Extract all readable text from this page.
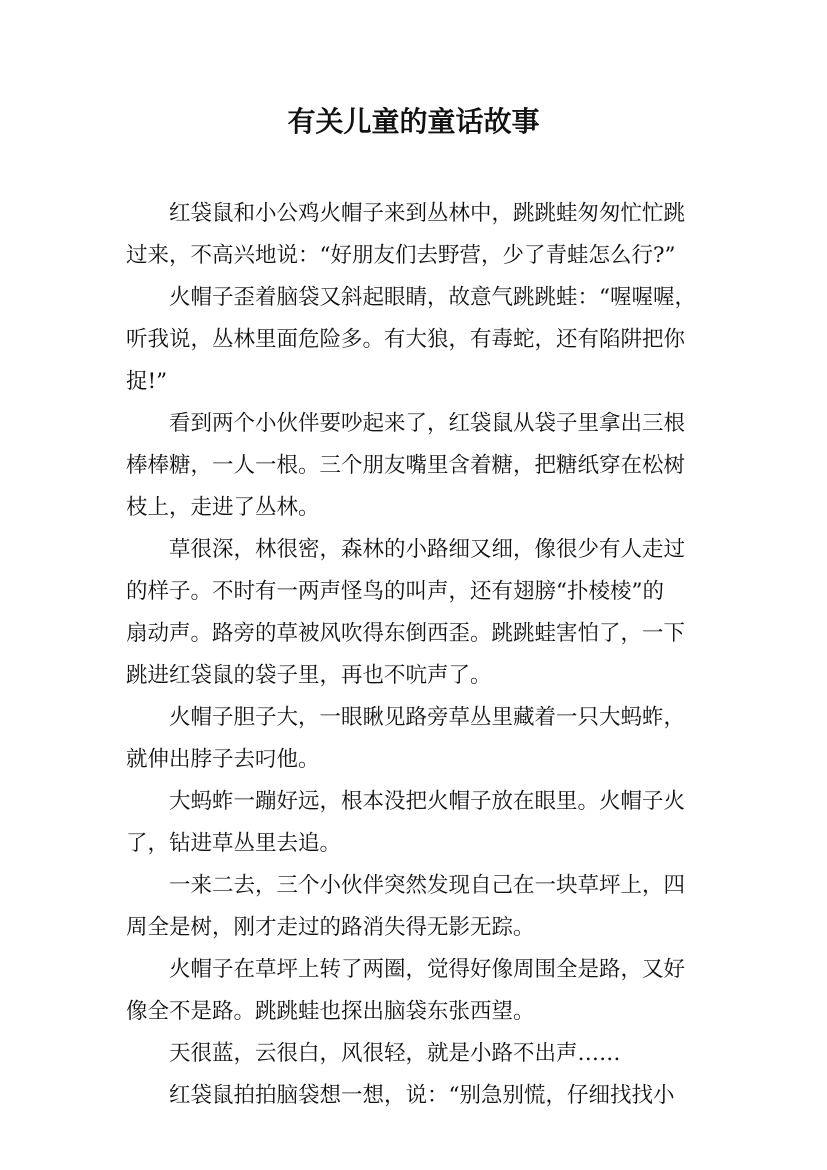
有关儿童的童话故事
红袋鼠和小公鸡火帽子来到丛林中，跳跳蛙匆匆忙忙跳
过来，不高兴地说：“好朋友们去野营，少了青蛙怎么行?”
火帽子歪着脑袋又斜起眼睛，故意气跳跳蛙：“喔喔喔，
听我说，丛林里面危险多。有大狼，有毒蛇，还有陷阱把你
捉!”
看到两个小伙伴要吵起来了，红袋鼠从袋子里拿出三根
棒棒糖，一人一根。三个朋友嘴里含着糖，把糖纸穿在松树
枝上，走进了丛林。
草很深，林很密，森林的小路细又细，像很少有人走过
的样子。不时有一两声怪鸟的叫声，还有翅膀“扑棱棱”的
扇动声。路旁的草被风吹得东倒西歪。跳跳蛙害怕了，一下
跳进红袋鼠的袋子里，再也不吭声了。
火帽子胆子大，一眼瞅见路旁草丛里藏着一只大蚂蚱，
就伸出脖子去叼他。
大蚂蚱一蹦好远，根本没把火帽子放在眼里。火帽子火
了，钻进草丛里去追。
一来二去，三个小伙伴突然发现自己在一块草坪上，四
周全是树，刚才走过的路消失得无影无踪。
火帽子在草坪上转了两圈，觉得好像周围全是路，又好
像全不是路。跳跳蛙也探出脑袋东张西望。
天很蓝，云很白，风很轻，就是小路不出声……
红袋鼠拍拍脑袋想一想，说：“别急别慌，仔细找找小
